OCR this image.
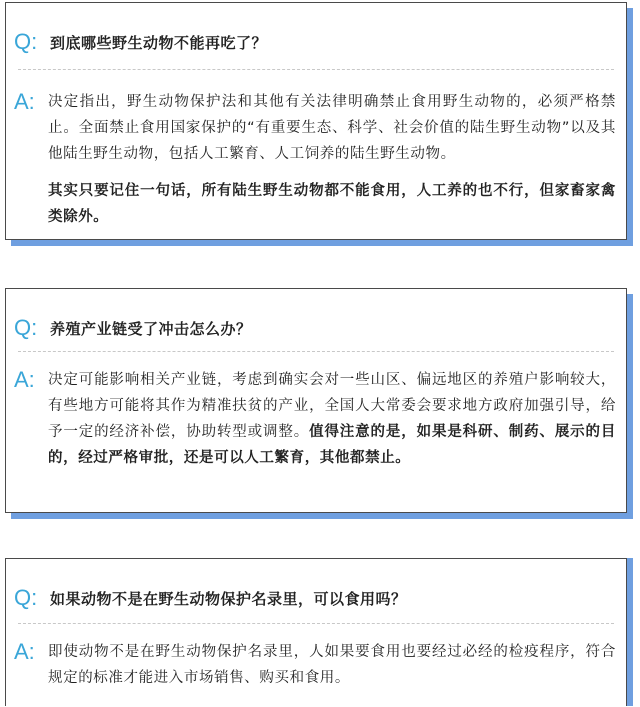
Q: 到底哪些野生动物不能再吃了？
A: 决定指出，野生动物保护法和其他有关法律明确禁止食用野生动物的，必须严格禁止。全面禁止食用国家保护的“有重要生态、科学、社会价值的陆生野生动物”以及其他陆生野生动物，包括人工繁育、人工饲养的陆生野生动物。

其实只要记住一句话，所有陆生野生动物都不能食用，人工养的也不行，但家畜家禽类除外。

Q: 养殖产业链受了冲击怎么办？
A: 决定可能影响相关产业链，考虑到确实会对一些山区、偏远地区的养殖户影响较大，有些地方可能将其作为精准扶贫的产业，全国人大常委会要求地方政府加强引导，给予一定的经济补偿，协助转型或调整。

值得注意的是，如果是科研、制药、展示的目的，经过严格审批，还是可以人工繁育，其他都禁止。
Q: 如果动物不是在野生动物保护名录里，可以食用吗？
A: 即使动物不是在野生动物保护名录里，人如果要食用也要经过必经的检疫程序，符合规定的标准才能进入市场销售、购买和食用。
